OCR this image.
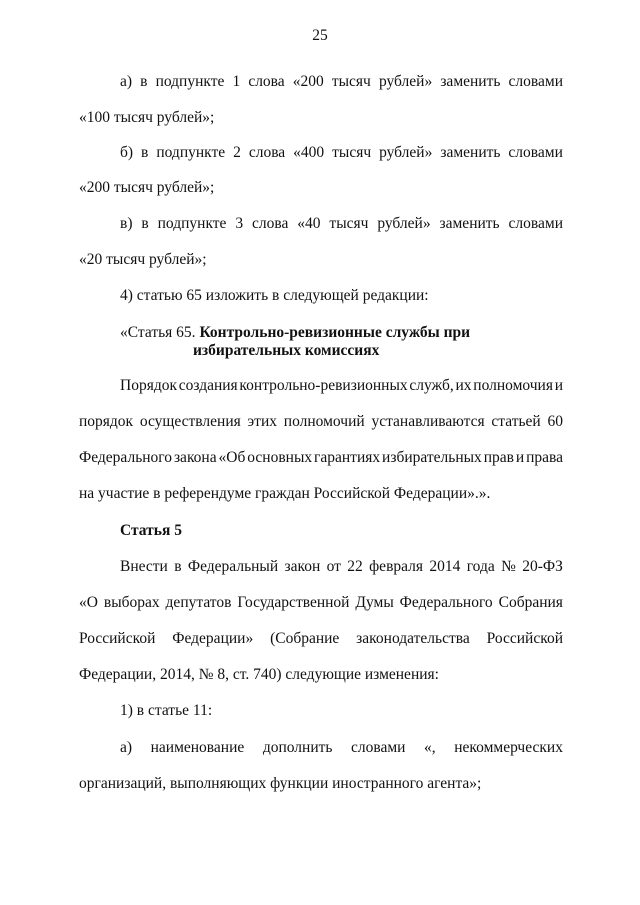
25
а) в подпункте 1 слова «200 тысяч рублей» заменить словами
«100 тысяч рублей»;
б) в подпункте 2 слова «400 тысяч рублей» заменить словами
«200 тысяч рублей»;
в) в подпункте 3 слова «40 тысяч рублей» заменить словами
«20 тысяч рублей»;
4) статью 65 изложить в следующей редакции:
«Статья 65. Контрольно-ревизионные службы при
избирательных комиссиях
Порядок создания контрольно-ревизионных служб, их полномочия и
порядок осуществления этих полномочий устанавливаются статьей 60
Федерального закона «Об основных гарантиях избирательных прав и права
на участие в референдуме граждан Российской Федерации».».
Статья 5
Внести в Федеральный закон от 22 февраля 2014 года № 20-ФЗ
«О выборах депутатов Государственной Думы Федерального Собрания
Российской Федерации» (Собрание законодательства Российской
Федерации, 2014, № 8, ст. 740) следующие изменения:
1) в статье 11:
а) наименование дополнить словами «, некоммерческих
организаций, выполняющих функции иностранного агента»;
